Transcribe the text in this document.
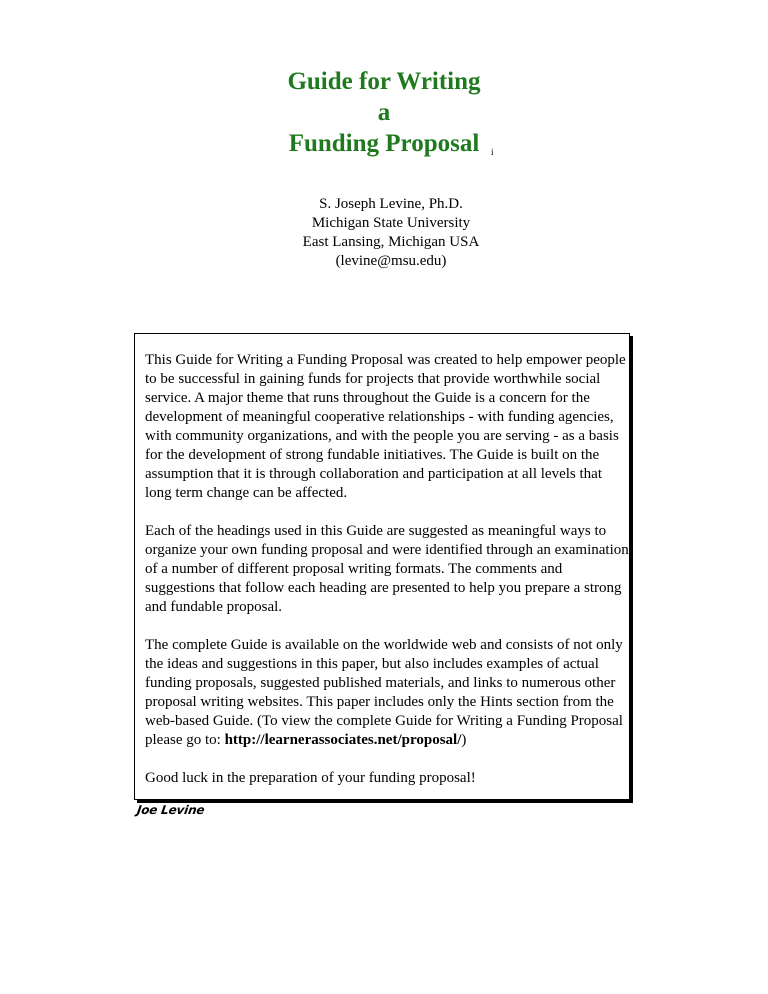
Guide for Writing
a
Funding Proposal	i
S. Joseph Levine, Ph.D.
Michigan State University
East Lansing, Michigan USA
(levine@msu.edu)

This Guide for Writing a Funding Proposal was created to help empower people to be successful in gaining funds for projects that provide worthwhile social service. A major theme that runs throughout the Guide is a concern for the development of meaningful cooperative relationships - with funding agencies, with community organizations, and with the people you are serving - as a basis for the development of strong fundable initiatives. The Guide is built on the assumption that it is through collaboration and participation at all levels that long term change can be affected.

Each of the headings used in this Guide are suggested as meaningful ways to organize your own funding proposal and were identified through an examination of a number of different proposal writing formats. The comments and suggestions that follow each heading are presented to help you prepare a strong and fundable proposal.

The complete Guide is available on the worldwide web and consists of not only the ideas and suggestions in this paper, but also includes examples of actual funding proposals, suggested published materials, and links to numerous other proposal writing websites. This paper includes only the Hints section from the web-based Guide. (To view the complete Guide for Writing a Funding Proposal please go to: http://learnerassociates.net/proposal/)

Good luck in the preparation of your funding proposal!

Joe Levine
